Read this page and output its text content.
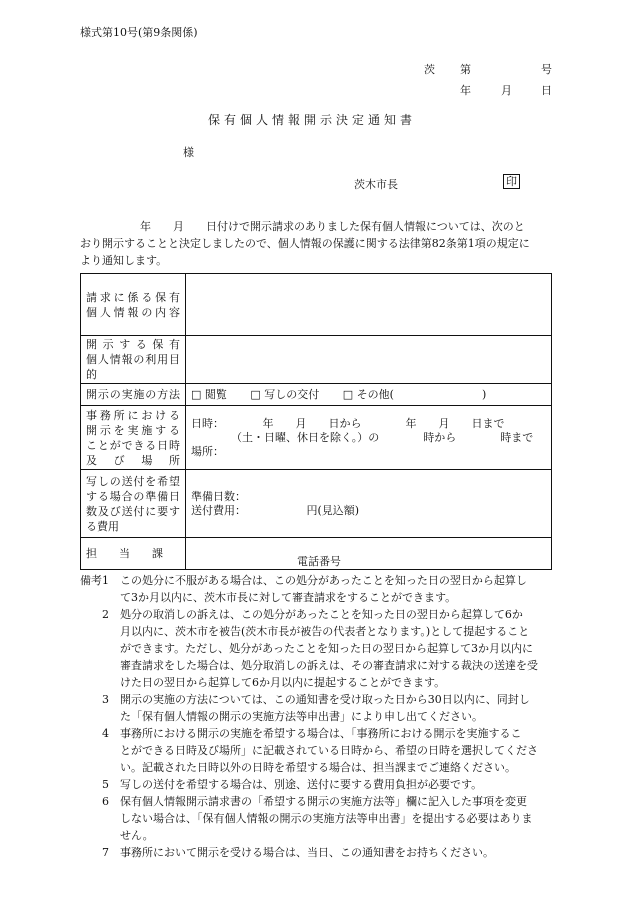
様式第10号(第9条関係)
茨 第	号
年	月	日
保有個人情報開示決定通知書
様
茨木市長	印
年　　月　　日付けで開示請求のありました保有個人情報については、次のと
おり開示することと決定しましたので、個人情報の保護に関する法律第82条第1項の規定に
より通知します。
請求に係る保有
個人情報の内容	

開 示 す る 保 有
個人情報の利用目的	

開示の実施の方法	□ 閲覧 □ 写しの交付 □ その他(　　　　　　　　)

事務所における
開示を実施する
ことができる日時
及び場所	日時：　　　　年　　月　　日から　　　　年　　月　　日まで
（土・日曜、休日を除く。）の　　　　時から　　　　時まで
場所：

写しの送付を希望
する場合の準備日
数及び送付に要す
る費用	準備日数：
送付費用：　　　　　　円(見込額)

担　　当　　課	電話番号
備考1	この処分に不服がある場合は、この処分があったことを知った日の翌日から起算し
て3か月以内に、茨木市長に対して審査請求をすることができます。
2	処分の取消しの訴えは、この処分があったことを知った日の翌日から起算して6か
月以内に、茨木市を被告(茨木市長が被告の代表者となります。)として提起すること
ができます。ただし、処分があったことを知った日の翌日から起算して3か月以内に
審査請求をした場合は、処分取消しの訴えは、その審査請求に対する裁決の送達を受
けた日の翌日から起算して6か月以内に提起することができます。
3	開示の実施の方法については、この通知書を受け取った日から30日以内に、同封し
た「保有個人情報の開示の実施方法等申出書」により申し出てください。
4	事務所における開示の実施を希望する場合は、「事務所における開示を実施するこ
とができる日時及び場所」に記載されている日時から、希望の日時を選択してくださ
い。記載された日時以外の日時を希望する場合は、担当課までご連絡ください。
5	写しの送付を希望する場合は、別途、送付に要する費用負担が必要です。
6	保有個人情報開示請求書の「希望する開示の実施方法等」欄に記入した事項を変更
しない場合は、「保有個人情報の開示の実施方法等申出書」を提出する必要はありま
せん。
7	事務所において開示を受ける場合は、当日、この通知書をお持ちください。
